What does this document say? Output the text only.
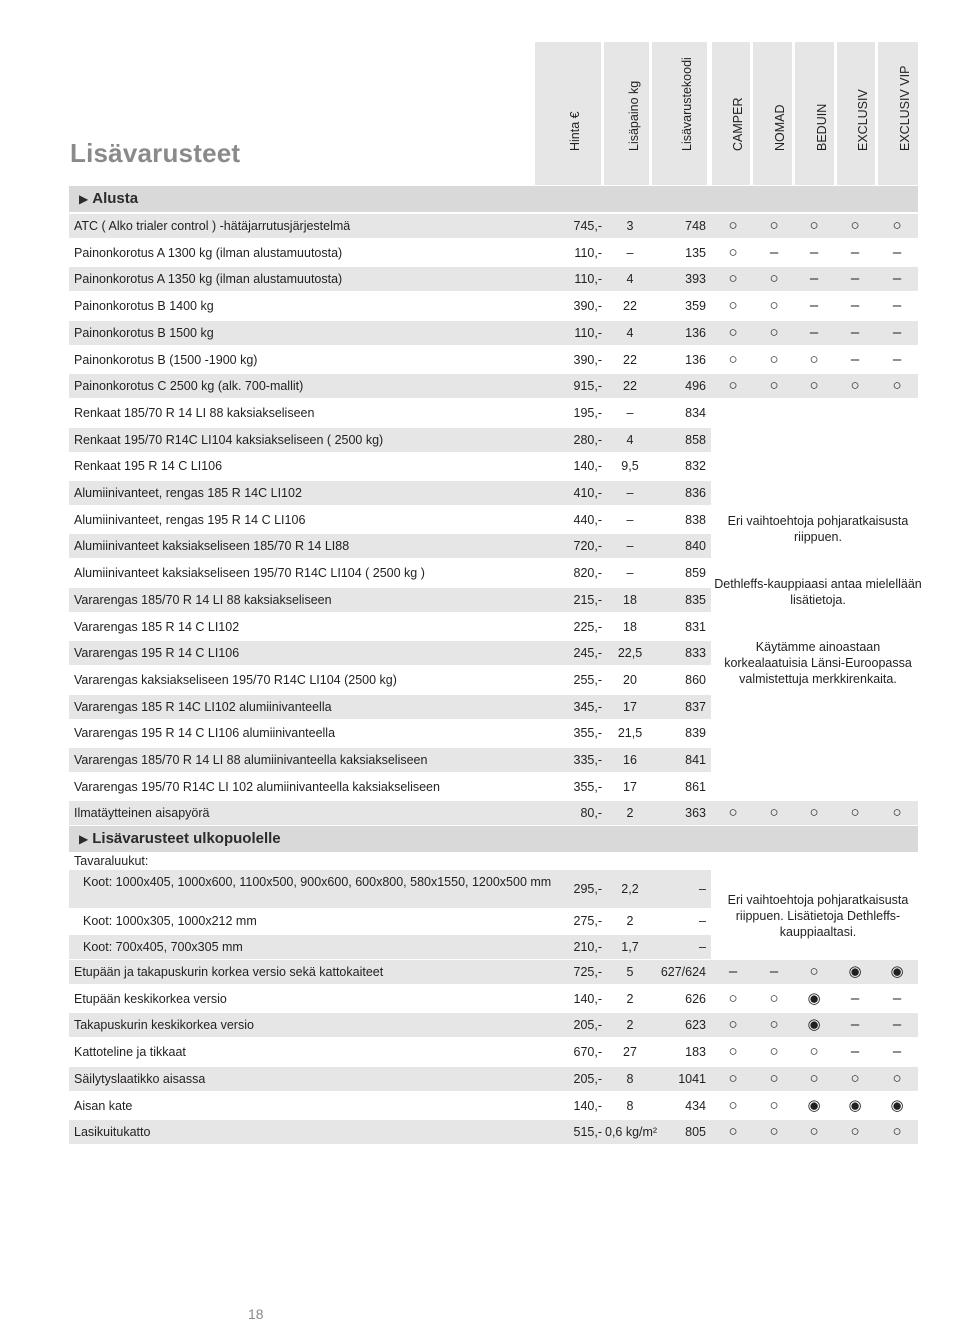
Lisävarusteet
Hinta €	Lisäpaino kg	Lisävarustekoodi	CAMPER NOMAD BEDUIN EXCLUSIV EXCLUSIV VIP
▶ Alusta
ATC ( Alko trialer control ) -hätäjarrutusjärjestelmä	745,-	3	748	○	○	○	○	○
Painonkorotus A 1300 kg (ilman alustamuutosta)	110,-	–	135	○	–	–	–	–
Painonkorotus A 1350 kg (ilman alustamuutosta)	110,-	4	393	○	○	–	–	–
Painonkorotus B 1400 kg	390,-	22	359	○	○	–	–	–
Painonkorotus B 1500 kg	110,-	4	136	○	○	–	–	–
Painonkorotus B (1500 -1900 kg)	390,-	22	136	○	○	○	–	–
Painonkorotus C 2500 kg (alk. 700-mallit)	915,-	22	496	○	○	○	○	○
Renkaat 185/70 R 14 LI 88 kaksiakseliseen	195,-	–	834
Renkaat 195/70 R14C LI104 kaksiakseliseen ( 2500 kg)	280,-	4	858
Renkaat 195 R 14 C LI106	140,-	9,5	832
Alumiinivanteet, rengas 185 R 14C LI102	410,-	–	836
Alumiinivanteet, rengas 195 R 14 C LI106	440,-	–	838
Alumiinivanteet kaksiakseliseen 185/70 R 14 LI88	720,-	–	840
Alumiinivanteet kaksiakseliseen 195/70 R14C LI104 ( 2500 kg )	820,-	–	859
Vararengas 185/70 R 14 LI 88 kaksiakseliseen	215,-	18	835
Vararengas 185 R 14 C LI102	225,-	18	831
Vararengas 195 R 14 C LI106	245,-	22,5	833
Vararengas kaksiakseliseen 195/70 R14C LI104 (2500 kg)	255,-	20	860
Vararengas 185 R 14C LI102 alumiinivanteella	345,-	17	837
Vararengas 195 R 14 C LI106 alumiinivanteella	355,-	21,5	839
Vararengas 185/70 R 14 LI 88 alumiinivanteella kaksiakseliseen	335,-	16	841
Vararengas 195/70 R14C LI 102 alumiinivanteella kaksiakseliseen	355,-	17	861
Ilmatäytteinen aisapyörä	80,-	2	363	○	○	○	○	○
Eri vaihtoehtoja pohjaratkaisusta riippuen.
Dethleffs-kauppiaasi antaa mielellään lisätietoja.
Käytämme ainoastaan korkealaatuisia Länsi-Euroopassa valmistettuja merkkirenkaita.
▶ Lisävarusteet ulkopuolelle
Tavaraluukut:
Koot: 1000x405, 1000x600, 1100x500, 900x600, 600x800, 580x1550, 1200x500 mm	295,-	2,2	–
Koot: 1000x305, 1000x212 mm	275,-	2	–
Koot: 700x405, 700x305 mm	210,-	1,7	–
Eri vaihtoehtoja pohjaratkaisusta riippuen. Lisätietoja Dethleffs-kauppiaaltasi.
Etupään ja takapuskurin korkea versio sekä kattokaiteet	725,-	5	627/624	–	–	○	◉	◉
Etupään keskikorkea versio	140,-	2	626	○	○	◉	–	–
Takapuskurin keskikorkea versio	205,-	2	623	○	○	◉	–	–
Kattoteline ja tikkaat	670,-	27	183	○	○	○	–	–
Säilytyslaatikko aisassa	205,-	8	1041	○	○	○	○	○
Aisan kate	140,-	8	434	○	○	◉	◉	◉
Lasikuitukatto	515,- 0,6 kg/m²	805	○	○	○	○	○
18
